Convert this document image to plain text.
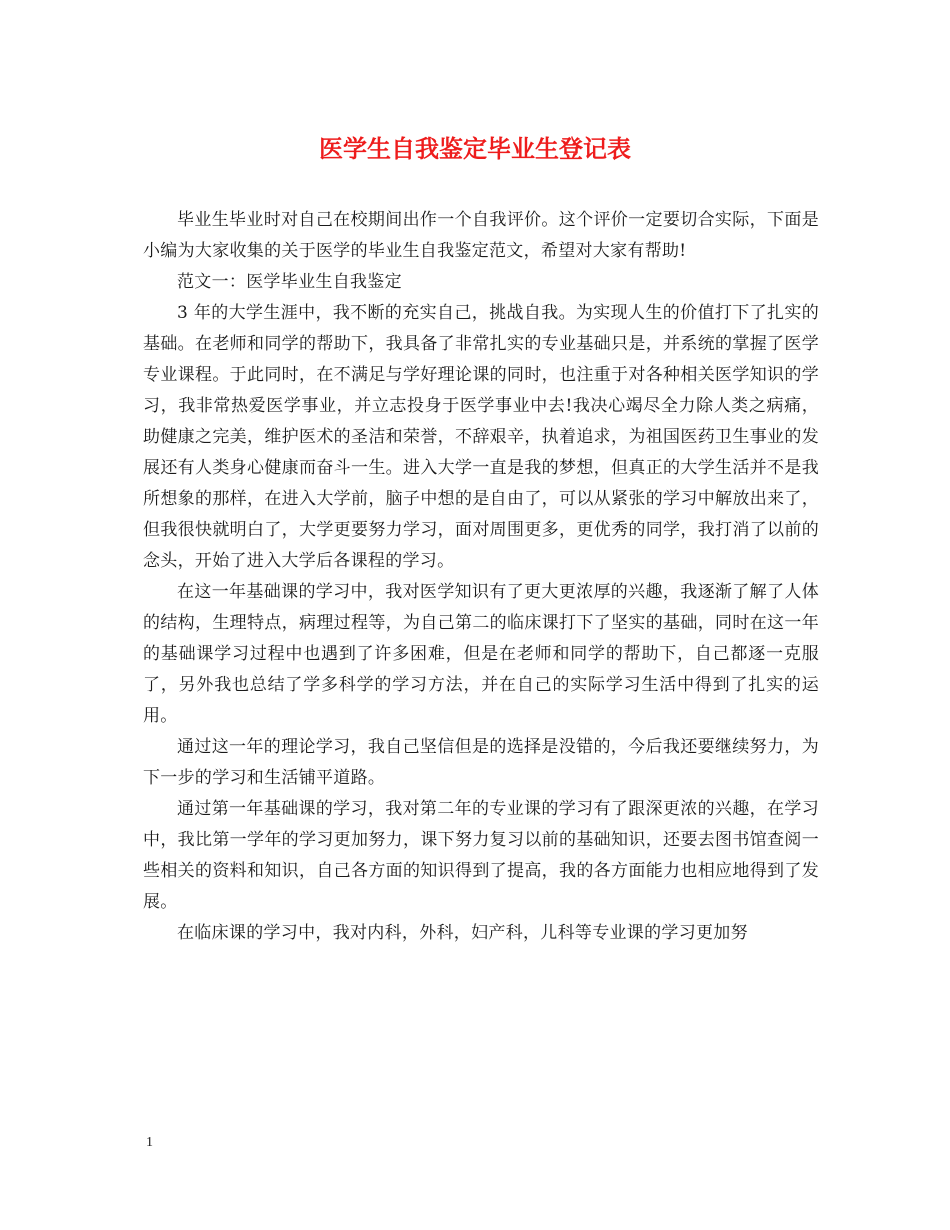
医学生自我鉴定毕业生登记表

毕业生毕业时对自己在校期间出作一个自我评价。这个评价一定要切合实际，下面是小编为大家收集的关于医学的毕业生自我鉴定范文，希望对大家有帮助!

范文一：医学毕业生自我鉴定

3 年的大学生涯中，我不断的充实自己，挑战自我。为实现人生的价值打下了扎实的基础。在老师和同学的帮助下，我具备了非常扎实的专业基础只是，并系统的掌握了医学专业课程。于此同时，在不满足与学好理论课的同时，也注重于对各种相关医学知识的学习，我非常热爱医学事业，并立志投身于医学事业中去!我决心竭尽全力除人类之病痛，助健康之完美，维护医术的圣洁和荣誉，不辞艰辛，执着追求，为祖国医药卫生事业的发展还有人类身心健康而奋斗一生。进入大学一直是我的梦想，但真正的大学生活并不是我所想象的那样，在进入大学前，脑子中想的是自由了，可以从紧张的学习中解放出来了，但我很快就明白了，大学更要努力学习，面对周围更多，更优秀的同学，我打消了以前的念头，开始了进入大学后各课程的学习。

在这一年基础课的学习中，我对医学知识有了更大更浓厚的兴趣，我逐渐了解了人体的结构，生理特点，病理过程等，为自己第二的临床课打下了坚实的基础，同时在这一年的基础课学习过程中也遇到了许多困难，但是在老师和同学的帮助下，自己都逐一克服了，另外我也总结了学多科学的学习方法，并在自己的实际学习生活中得到了扎实的运用。

通过这一年的理论学习，我自己坚信但是的选择是没错的，今后我还要继续努力，为下一步的学习和生活铺平道路。

通过第一年基础课的学习，我对第二年的专业课的学习有了跟深更浓的兴趣，在学习中，我比第一学年的学习更加努力，课下努力复习以前的基础知识，还要去图书馆查阅一些相关的资料和知识，自己各方面的知识得到了提高，我的各方面能力也相应地得到了发展。

在临床课的学习中，我对内科，外科，妇产科，儿科等专业课的学习更加努

1
